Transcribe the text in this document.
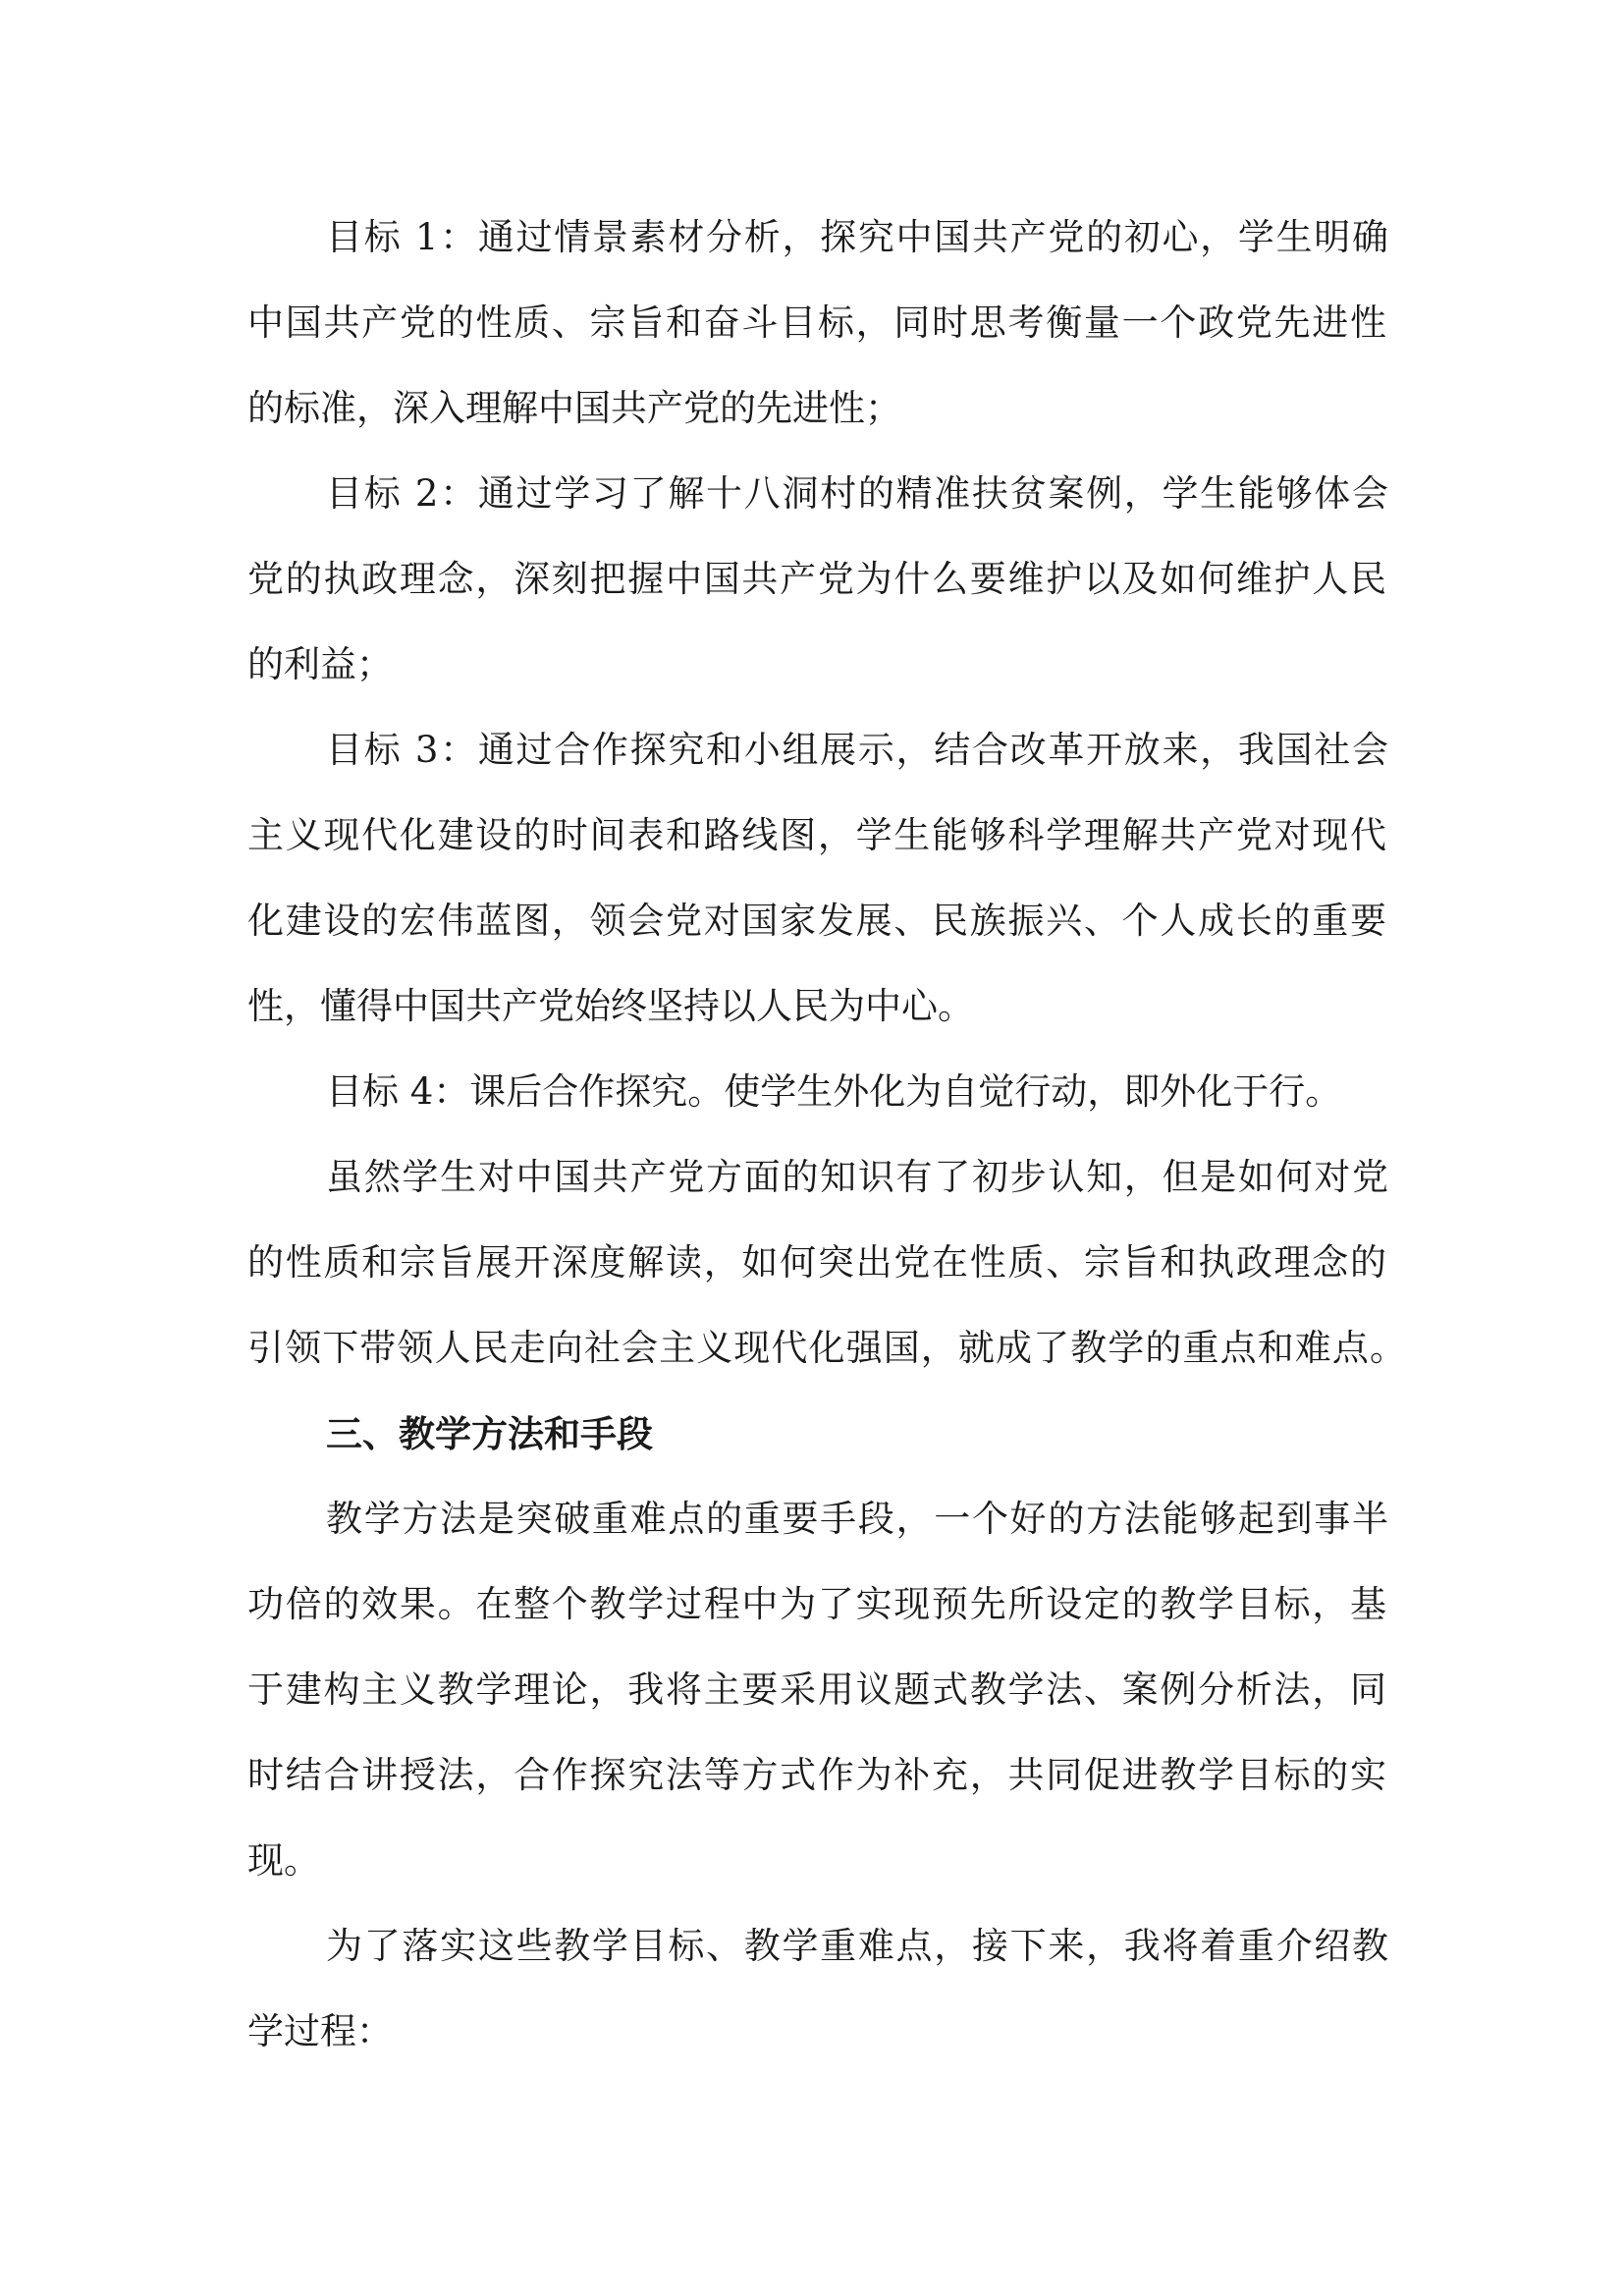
目标 1：通过情景素材分析，探究中国共产党的初心，学生明确
中国共产党的性质、宗旨和奋斗目标，同时思考衡量一个政党先进性
的标准，深入理解中国共产党的先进性；
目标 2：通过学习了解十八洞村的精准扶贫案例，学生能够体会
党的执政理念，深刻把握中国共产党为什么要维护以及如何维护人民
的利益；
目标 3：通过合作探究和小组展示，结合改革开放来，我国社会
主义现代化建设的时间表和路线图，学生能够科学理解共产党对现代
化建设的宏伟蓝图，领会党对国家发展、民族振兴、个人成长的重要
性，懂得中国共产党始终坚持以人民为中心。
目标 4：课后合作探究。使学生外化为自觉行动，即外化于行。
虽然学生对中国共产党方面的知识有了初步认知，但是如何对党
的性质和宗旨展开深度解读，如何突出党在性质、宗旨和执政理念的
引领下带领人民走向社会主义现代化强国，就成了教学的重点和难点。
三、教学方法和手段
教学方法是突破重难点的重要手段，一个好的方法能够起到事半
功倍的效果。在整个教学过程中为了实现预先所设定的教学目标，基
于建构主义教学理论，我将主要采用议题式教学法、案例分析法，同
时结合讲授法，合作探究法等方式作为补充，共同促进教学目标的实
现。
为了落实这些教学目标、教学重难点，接下来，我将着重介绍教
学过程：
